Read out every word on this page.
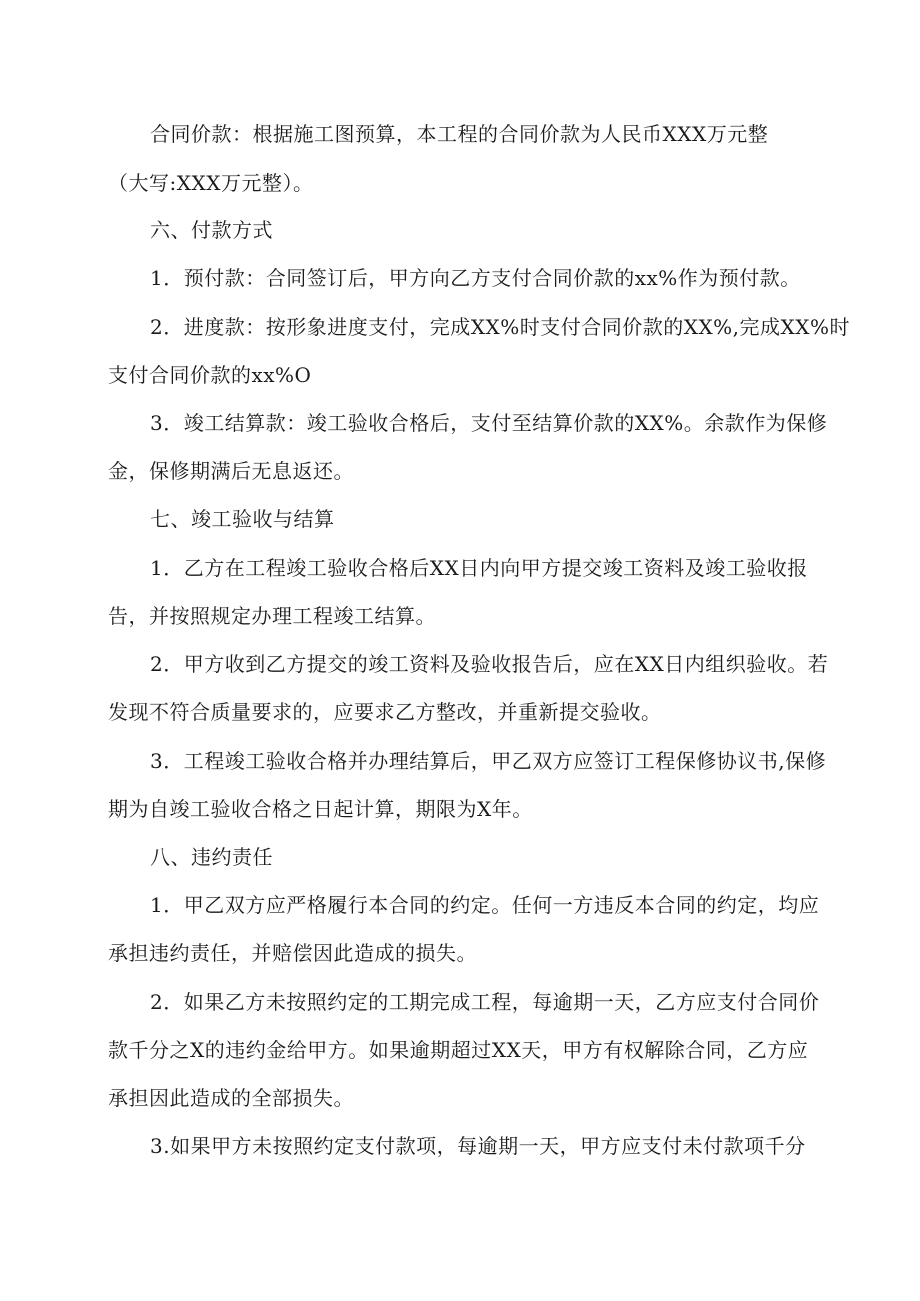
合同价款：根据施工图预算，本工程的合同价款为人民币XXX万元整
（大写:XXX万元整）。
六、付款方式
1．预付款：合同签订后，甲方向乙方支付合同价款的xx%作为预付款。
2．进度款：按形象进度支付，完成XX%时支付合同价款的XX%,完成XX%时
支付合同价款的xx%O
3．竣工结算款：竣工验收合格后，支付至结算价款的XX%。余款作为保修
金，保修期满后无息返还。
七、竣工验收与结算
1．乙方在工程竣工验收合格后XX日内向甲方提交竣工资料及竣工验收报
告，并按照规定办理工程竣工结算。
2．甲方收到乙方提交的竣工资料及验收报告后，应在XX日内组织验收。若
发现不符合质量要求的，应要求乙方整改，并重新提交验收。
3．工程竣工验收合格并办理结算后，甲乙双方应签订工程保修协议书,保修
期为自竣工验收合格之日起计算，期限为X年。
八、违约责任
1．甲乙双方应严格履行本合同的约定。任何一方违反本合同的约定，均应
承担违约责任，并赔偿因此造成的损失。
2．如果乙方未按照约定的工期完成工程，每逾期一天，乙方应支付合同价
款千分之X的违约金给甲方。如果逾期超过XX天，甲方有权解除合同，乙方应
承担因此造成的全部损失。
3.如果甲方未按照约定支付款项，每逾期一天，甲方应支付未付款项千分
